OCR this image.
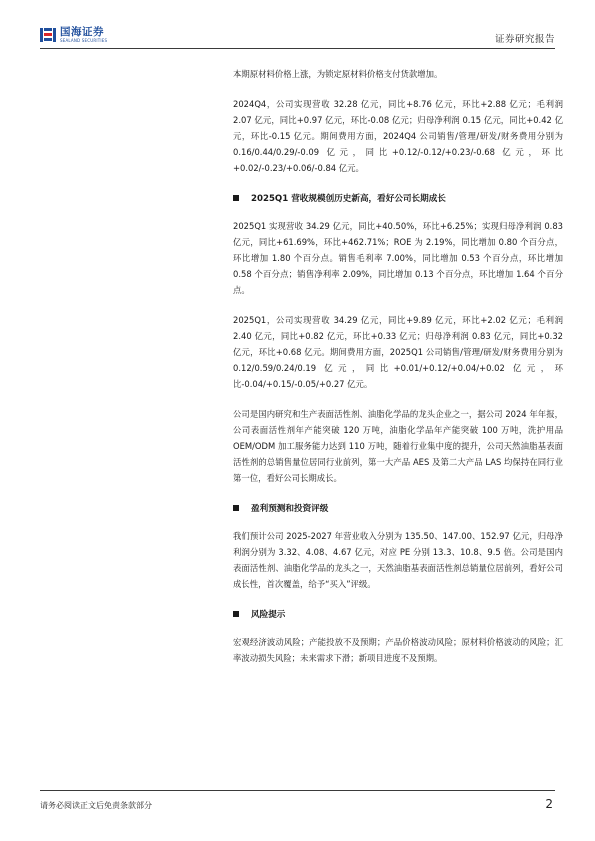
国海证券
SEALAND SECURITIES	证券研究报告

本期原材料价格上涨，为锁定原材料价格支付货款增加。

2024Q4，公司实现营收 32.28 亿元，同比+8.76 亿元，环比+2.88 亿元；毛利润 2.07 亿元，同比+0.97 亿元，环比-0.08 亿元；归母净利润 0.15 亿元，同比+0.42 亿元，环比-0.15 亿元。期间费用方面，2024Q4 公司销售/管理/研发/财务费用分别为 0.16/0.44/0.29/-0.09 亿元，同比+0.12/-0.12/+0.23/-0.68 亿元，环比+0.02/-0.23/+0.06/-0.84 亿元。

2025Q1 营收规模创历史新高，看好公司长期成长

2025Q1 实现营收 34.29 亿元，同比+40.50%，环比+6.25%；实现归母净利润 0.83 亿元，同比+61.69%，环比+462.71%；ROE 为 2.19%，同比增加 0.80 个百分点，环比增加 1.80 个百分点。销售毛利率 7.00%，同比增加 0.53 个百分点，环比增加 0.58 个百分点；销售净利率 2.09%，同比增加 0.13 个百分点，环比增加 1.64 个百分点。

2025Q1，公司实现营收 34.29 亿元，同比+9.89 亿元，环比+2.02 亿元；毛利润 2.40 亿元，同比+0.82 亿元，环比+0.33 亿元；归母净利润 0.83 亿元，同比+0.32 亿元，环比+0.68 亿元。期间费用方面，2025Q1 公司销售/管理/研发/财务费用分别为 0.12/0.59/0.24/0.19 亿元，同比+0.01/+0.12/+0.04/+0.02 亿元，环比-0.04/+0.15/-0.05/+0.27 亿元。

公司是国内研究和生产表面活性剂、油脂化学品的龙头企业之一，据公司 2024 年年报，公司表面活性剂年产能突破 120 万吨，油脂化学品年产能突破 100 万吨，洗护用品 OEM/ODM 加工服务能力达到 110 万吨，随着行业集中度的提升，公司天然油脂基表面活性剂的总销售量位居同行业前列，第一大产品 AES 及第二大产品 LAS 均保持在同行业第一位，看好公司长期成长。

盈利预测和投资评级

我们预计公司 2025-2027 年营业收入分别为 135.50、147.00、152.97 亿元，归母净利润分别为 3.32、4.08、4.67 亿元，对应 PE 分别 13.3、10.8、9.5 倍。公司是国内表面活性剂、油脂化学品的龙头之一，天然油脂基表面活性剂总销量位居前列，看好公司成长性，首次覆盖，给予“买入”评级。

风险提示

宏观经济波动风险；产能投放不及预期；产品价格波动风险；原材料价格波动的风险；汇率波动损失风险；未来需求下滑；新项目进度不及预期。

请务必阅读正文后免责条款部分	2
